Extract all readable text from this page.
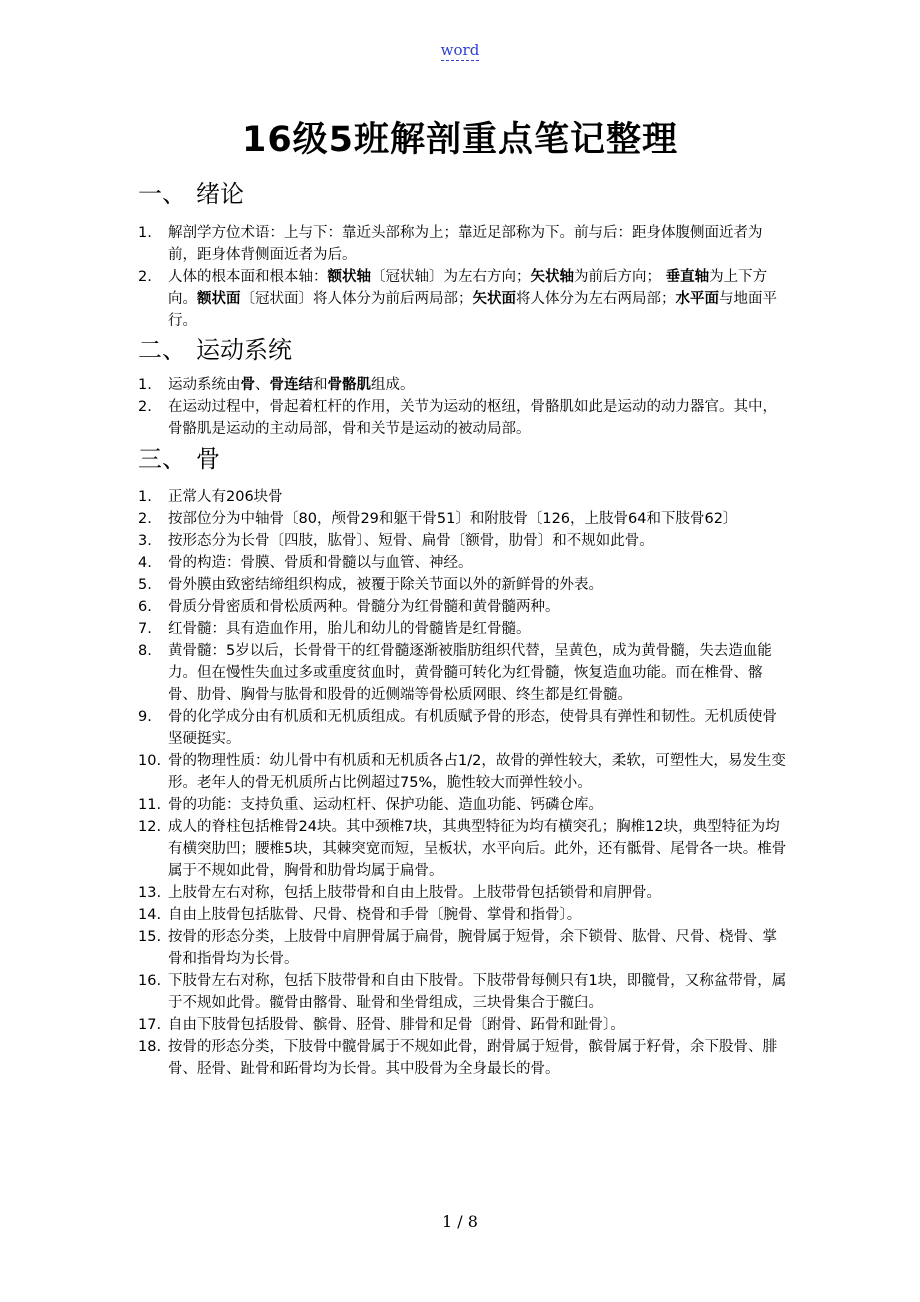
word
16级5班解剖重点笔记整理
一、 绪论
1. 解剖学方位术语：上与下：靠近头部称为上；靠近足部称为下。前与后：距身体腹侧面近者为前，距身体背侧面近者为后。
2. 人体的根本面和根本轴：额状轴〔冠状轴〕为左右方向；矢状轴为前后方向； 垂直轴为上下方向。额状面〔冠状面〕将人体分为前后两局部；矢状面将人体分为左右两局部；水平面与地面平行。
二、 运动系统
1. 运动系统由骨、骨连结和骨骼肌组成。
2. 在运动过程中，骨起着杠杆的作用，关节为运动的枢纽，骨骼肌如此是运动的动力器官。其中，骨骼肌是运动的主动局部，骨和关节是运动的被动局部。
三、 骨
1. 正常人有206块骨
2. 按部位分为中轴骨〔80，颅骨29和躯干骨51〕和附肢骨〔126，上肢骨64和下肢骨62〕
3. 按形态分为长骨〔四肢，肱骨〕、短骨、扁骨〔额骨，肋骨〕和不规如此骨。
4. 骨的构造：骨膜、骨质和骨髓以与血管、神经。
5. 骨外膜由致密结缔组织构成，被覆于除关节面以外的新鲜骨的外表。
6. 骨质分骨密质和骨松质两种。骨髓分为红骨髓和黄骨髓两种。
7. 红骨髓：具有造血作用，胎儿和幼儿的骨髓皆是红骨髓。
8. 黄骨髓：5岁以后，长骨骨干的红骨髓逐渐被脂肪组织代替，呈黄色，成为黄骨髓，失去造血能力。但在慢性失血过多或重度贫血时，黄骨髓可转化为红骨髓，恢复造血功能。而在椎骨、髂骨、肋骨、胸骨与肱骨和股骨的近侧端等骨松质网眼、终生都是红骨髓。
9. 骨的化学成分由有机质和无机质组成。有机质赋予骨的形态，使骨具有弹性和韧性。无机质使骨坚硬挺实。
10. 骨的物理性质：幼儿骨中有机质和无机质各占1/2，故骨的弹性较大，柔软，可塑性大，易发生变形。老年人的骨无机质所占比例超过75%，脆性较大而弹性较小。
11. 骨的功能：支持负重、运动杠杆、保护功能、造血功能、钙磷仓库。
12. 成人的脊柱包括椎骨24块。其中颈椎7块，其典型特征为均有横突孔；胸椎12块，典型特征为均有横突肋凹；腰椎5块，其棘突宽而短，呈板状，水平向后。此外，还有骶骨、尾骨各一块。椎骨属于不规如此骨，胸骨和肋骨均属于扁骨。
13. 上肢骨左右对称，包括上肢带骨和自由上肢骨。上肢带骨包括锁骨和肩胛骨。
14. 自由上肢骨包括肱骨、尺骨、桡骨和手骨〔腕骨、掌骨和指骨〕。
15. 按骨的形态分类，上肢骨中肩胛骨属于扁骨，腕骨属于短骨，余下锁骨、肱骨、尺骨、桡骨、掌骨和指骨均为长骨。
16. 下肢骨左右对称，包括下肢带骨和自由下肢骨。下肢带骨每侧只有1块，即髋骨，又称盆带骨，属于不规如此骨。髋骨由髂骨、耻骨和坐骨组成，三块骨集合于髋臼。
17. 自由下肢骨包括股骨、髌骨、胫骨、腓骨和足骨〔跗骨、跖骨和趾骨〕。
18. 按骨的形态分类，下肢骨中髋骨属于不规如此骨，跗骨属于短骨，髌骨属于籽骨，余下股骨、腓骨、胫骨、趾骨和跖骨均为长骨。其中股骨为全身最长的骨。
1 / 8
